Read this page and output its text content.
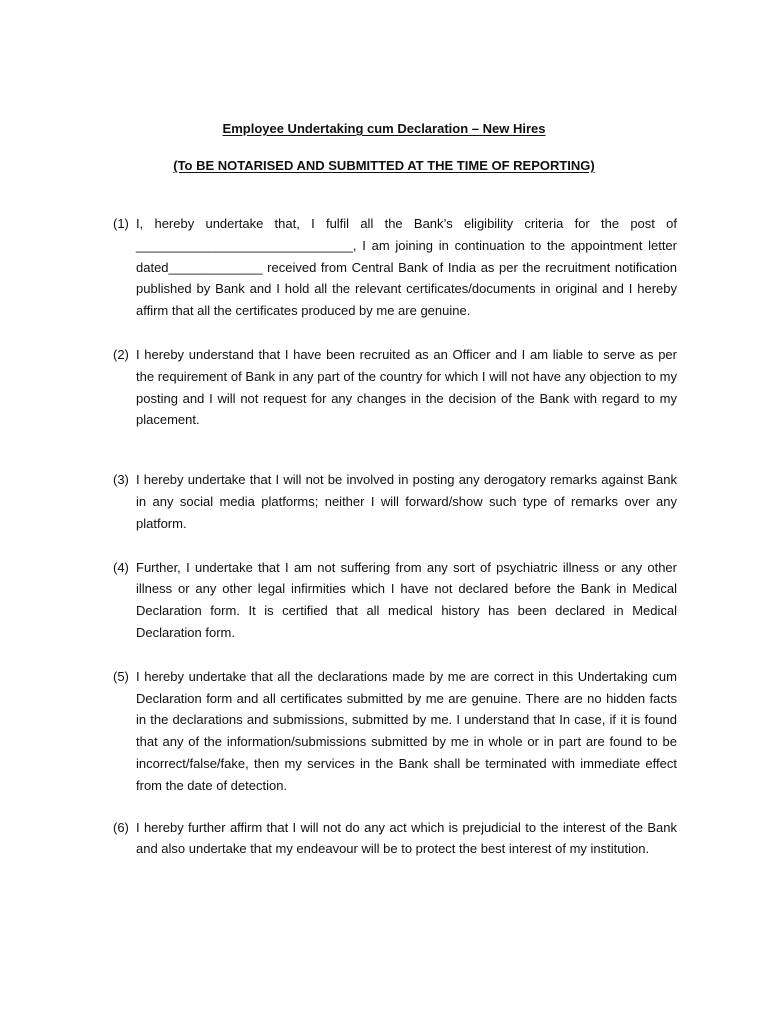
Employee Undertaking cum Declaration – New Hires
(To BE NOTARISED AND SUBMITTED AT THE TIME OF REPORTING)
(1) I, hereby undertake that, I fulfil all the Bank’s eligibility criteria for the post of ______________________________, I am joining in continuation to the appointment letter dated_____________ received from Central Bank of India as per the recruitment notification published by Bank and I hold all the relevant certificates/documents in original and I hereby affirm that all the certificates produced by me are genuine.
(2) I hereby understand that I have been recruited as an Officer and I am liable to serve as per the requirement of Bank in any part of the country for which I will not have any objection to my posting and I will not request for any changes in the decision of the Bank with regard to my placement.
(3) I hereby undertake that I will not be involved in posting any derogatory remarks against Bank in any social media platforms; neither I will forward/show such type of remarks over any platform.
(4) Further, I undertake that I am not suffering from any sort of psychiatric illness or any other illness or any other legal infirmities which I have not declared before the Bank in Medical Declaration form. It is certified that all medical history has been declared in Medical Declaration form.
(5) I hereby undertake that all the declarations made by me are correct in this Undertaking cum Declaration form and all certificates submitted by me are genuine. There are no hidden facts in the declarations and submissions, submitted by me. I understand that In case, if it is found that any of the information/submissions submitted by me in whole or in part are found to be incorrect/false/fake, then my services in the Bank shall be terminated with immediate effect from the date of detection.
(6) I hereby further affirm that I will not do any act which is prejudicial to the interest of the Bank and also undertake that my endeavour will be to protect the best interest of my institution.
